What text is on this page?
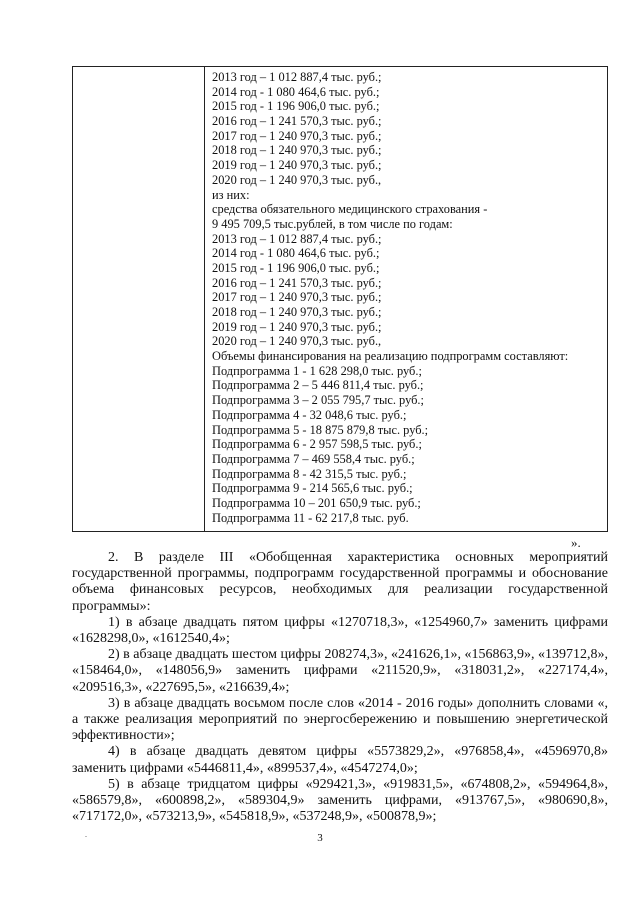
2013 год – 1 012 887,4 тыс. руб.;
2014 год - 1 080 464,6 тыс. руб.;
2015 год - 1 196 906,0 тыс. руб.;
2016 год – 1 241 570,3 тыс. руб.;
2017 год – 1 240 970,3 тыс. руб.;
2018 год – 1 240 970,3 тыс. руб.;
2019 год – 1 240 970,3 тыс. руб.;
2020 год – 1 240 970,3 тыс. руб.,
из них:
средства обязательного медицинского страхования -
9 495 709,5 тыс.рублей, в том числе по годам:
2013 год – 1 012 887,4 тыс. руб.;
2014 год - 1 080 464,6 тыс. руб.;
2015 год - 1 196 906,0 тыс. руб.;
2016 год – 1 241 570,3 тыс. руб.;
2017 год – 1 240 970,3 тыс. руб.;
2018 год – 1 240 970,3 тыс. руб.;
2019 год – 1 240 970,3 тыс. руб.;
2020 год – 1 240 970,3 тыс. руб.,
Объемы финансирования на реализацию подпрограмм составляют:
Подпрограмма 1 - 1 628 298,0 тыс. руб.;
Подпрограмма 2 – 5 446 811,4 тыс. руб.;
Подпрограмма 3 – 2 055 795,7 тыс. руб.;
Подпрограмма 4 - 32 048,6 тыс. руб.;
Подпрограмма 5 - 18 875 879,8 тыс. руб.;
Подпрограмма 6 - 2 957 598,5 тыс. руб.;
Подпрограмма 7 – 469 558,4 тыс. руб.;
Подпрограмма 8 - 42 315,5 тыс. руб.;
Подпрограмма 9 - 214 565,6 тыс. руб.;
Подпрограмма 10 – 201 650,9 тыс. руб.;
Подпрограмма 11 - 62 217,8 тыс. руб.
».

2. В разделе III «Обобщенная характеристика основных мероприятий государственной программы, подпрограмм государственной программы и обоснование объема финансовых ресурсов, необходимых для реализации государственной программы»:

1) в абзаце двадцать пятом цифры «1270718,3», «1254960,7» заменить цифрами «1628298,0», «1612540,4»;

2) в абзаце двадцать шестом цифры 208274,3», «241626,1», «156863,9», «139712,8», «158464,0», «148056,9» заменить цифрами «211520,9», «318031,2», «227174,4», «209516,3», «227695,5», «216639,4»;

3) в абзаце двадцать восьмом после слов «2014 - 2016 годы» дополнить словами «, а также реализация мероприятий по энергосбережению и повышению энергетической эффективности»;

4) в абзаце двадцать девятом цифры «5573829,2», «976858,4», «4596970,8» заменить цифрами «5446811,4», «899537,4», «4547274,0»;

5) в абзаце тридцатом цифры «929421,3», «919831,5», «674808,2», «594964,8», «586579,8», «600898,2», «589304,9» заменить цифрами, «913767,5», «980690,8», «717172,0», «573213,9», «545818,9», «537248,9», «500878,9»;

3
